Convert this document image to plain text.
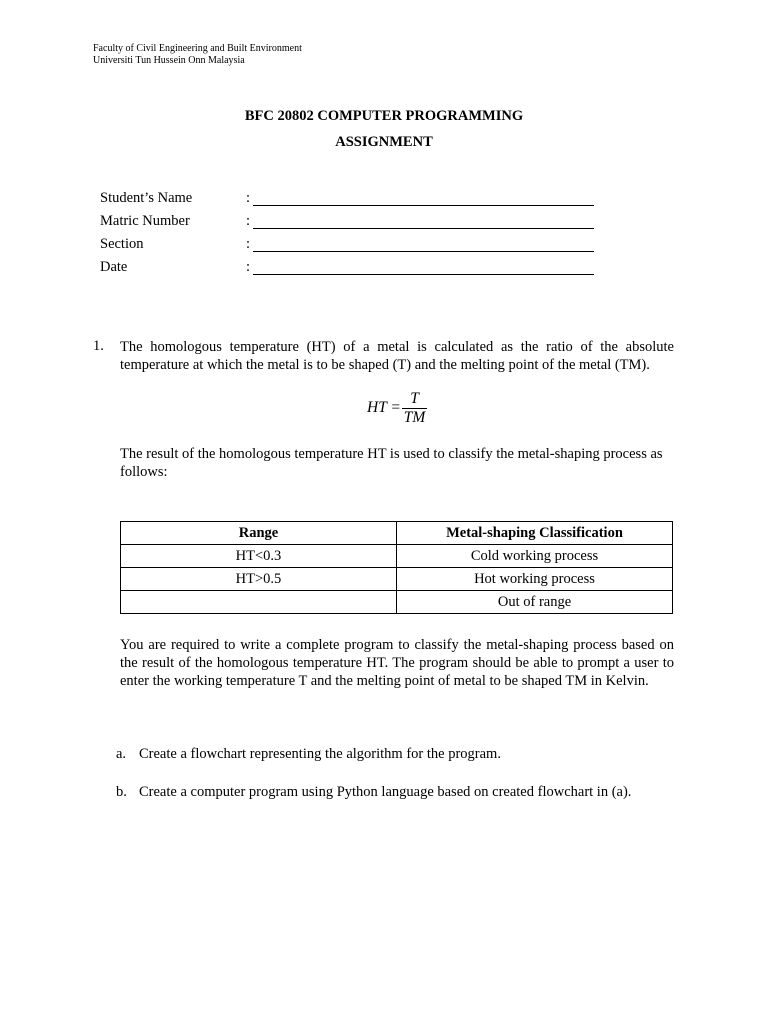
Faculty of Civil Engineering and Built Environment
Universiti Tun Hussein Onn Malaysia
BFC 20802 COMPUTER PROGRAMMING
ASSIGNMENT
Student’s Name	:
Matric Number	:
Section	:
Date	:
1. The homologous temperature (HT) of a metal is calculated as the ratio of the absolute temperature at which the metal is to be shaped (T) and the melting point of the metal (TM).
HT =
T
TM
The result of the homologous temperature HT is used to classify the metal-shaping process as follows:
Range	Metal-shaping Classification
HT<0.3	Cold working process
HT>0.5	Hot working process
	Out of range
You are required to write a complete program to classify the metal-shaping process based on the result of the homologous temperature HT. The program should be able to prompt a user to enter the working temperature T and the melting point of metal to be shaped TM in Kelvin.
a. Create a flowchart representing the algorithm for the program.
b. Create a computer program using Python language based on created flowchart in (a).
